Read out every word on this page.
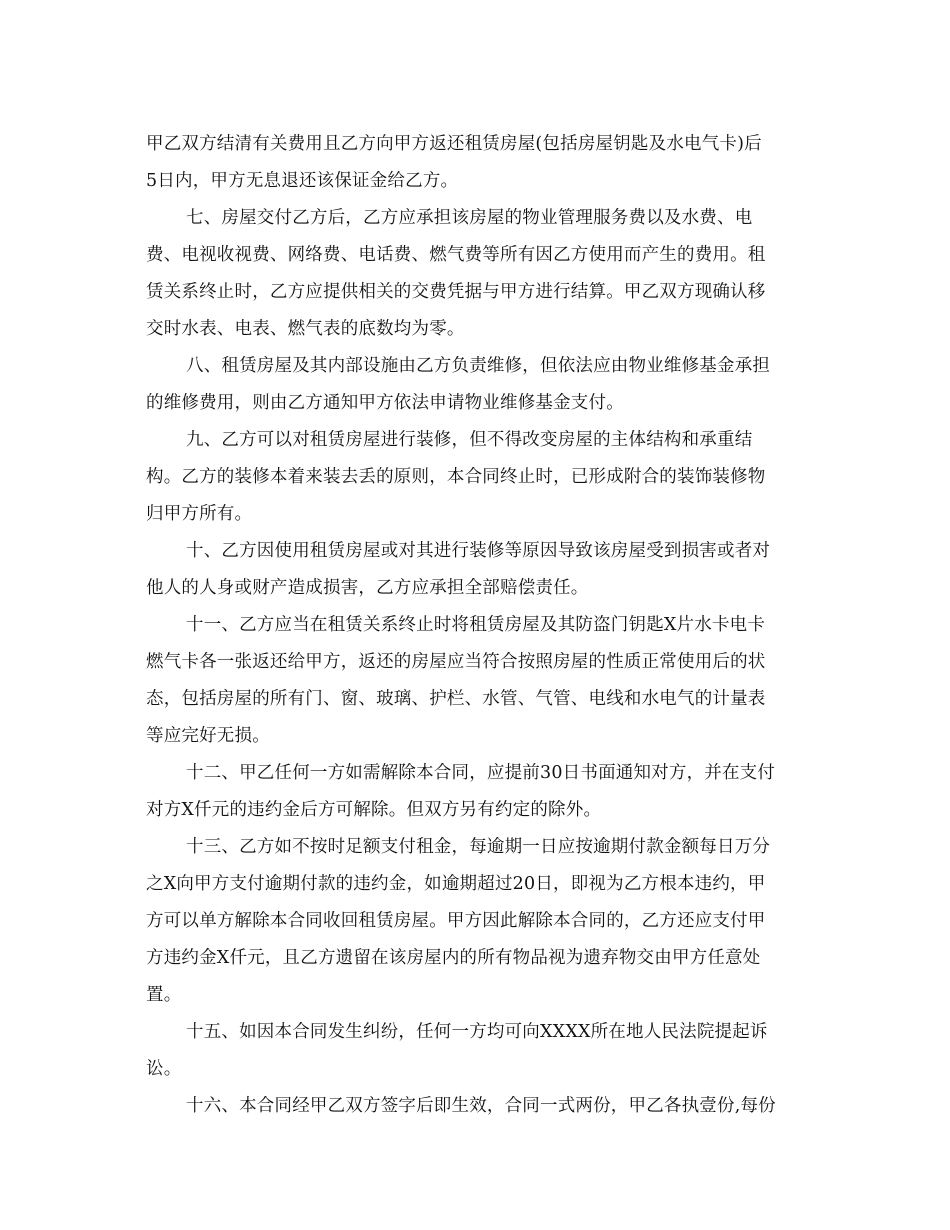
甲乙双方结清有关费用且乙方向甲方返还租赁房屋(包括房屋钥匙及水电气卡)后

5日内，甲方无息退还该保证金给乙方。

七、房屋交付乙方后，乙方应承担该房屋的物业管理服务费以及水费、电

费、电视收视费、网络费、电话费、燃气费等所有因乙方使用而产生的费用。租

赁关系终止时，乙方应提供相关的交费凭据与甲方进行结算。甲乙双方现确认移

交时水表、电表、燃气表的底数均为零。

八、租赁房屋及其内部设施由乙方负责维修，但依法应由物业维修基金承担

的维修费用，则由乙方通知甲方依法申请物业维修基金支付。

九、乙方可以对租赁房屋进行装修，但不得改变房屋的主体结构和承重结

构。乙方的装修本着来装去丢的原则，本合同终止时，已形成附合的装饰装修物

归甲方所有。

十、乙方因使用租赁房屋或对其进行装修等原因导致该房屋受到损害或者对

他人的人身或财产造成损害，乙方应承担全部赔偿责任。

十一、乙方应当在租赁关系终止时将租赁房屋及其防盗门钥匙X片水卡电卡

燃气卡各一张返还给甲方，返还的房屋应当符合按照房屋的性质正常使用后的状

态，包括房屋的所有门、窗、玻璃、护栏、水管、气管、电线和水电气的计量表

等应完好无损。

十二、甲乙任何一方如需解除本合同，应提前30日书面通知对方，并在支付

对方X仟元的违约金后方可解除。但双方另有约定的除外。

十三、乙方如不按时足额支付租金，每逾期一日应按逾期付款金额每日万分

之X向甲方支付逾期付款的违约金，如逾期超过20日，即视为乙方根本违约，甲

方可以单方解除本合同收回租赁房屋。甲方因此解除本合同的，乙方还应支付甲

方违约金X仟元，且乙方遗留在该房屋内的所有物品视为遗弃物交由甲方任意处

置。

十五、如因本合同发生纠纷，任何一方均可向XXXX所在地人民法院提起诉

讼。

十六、本合同经甲乙双方签字后即生效，合同一式两份，甲乙各执壹份,每份
